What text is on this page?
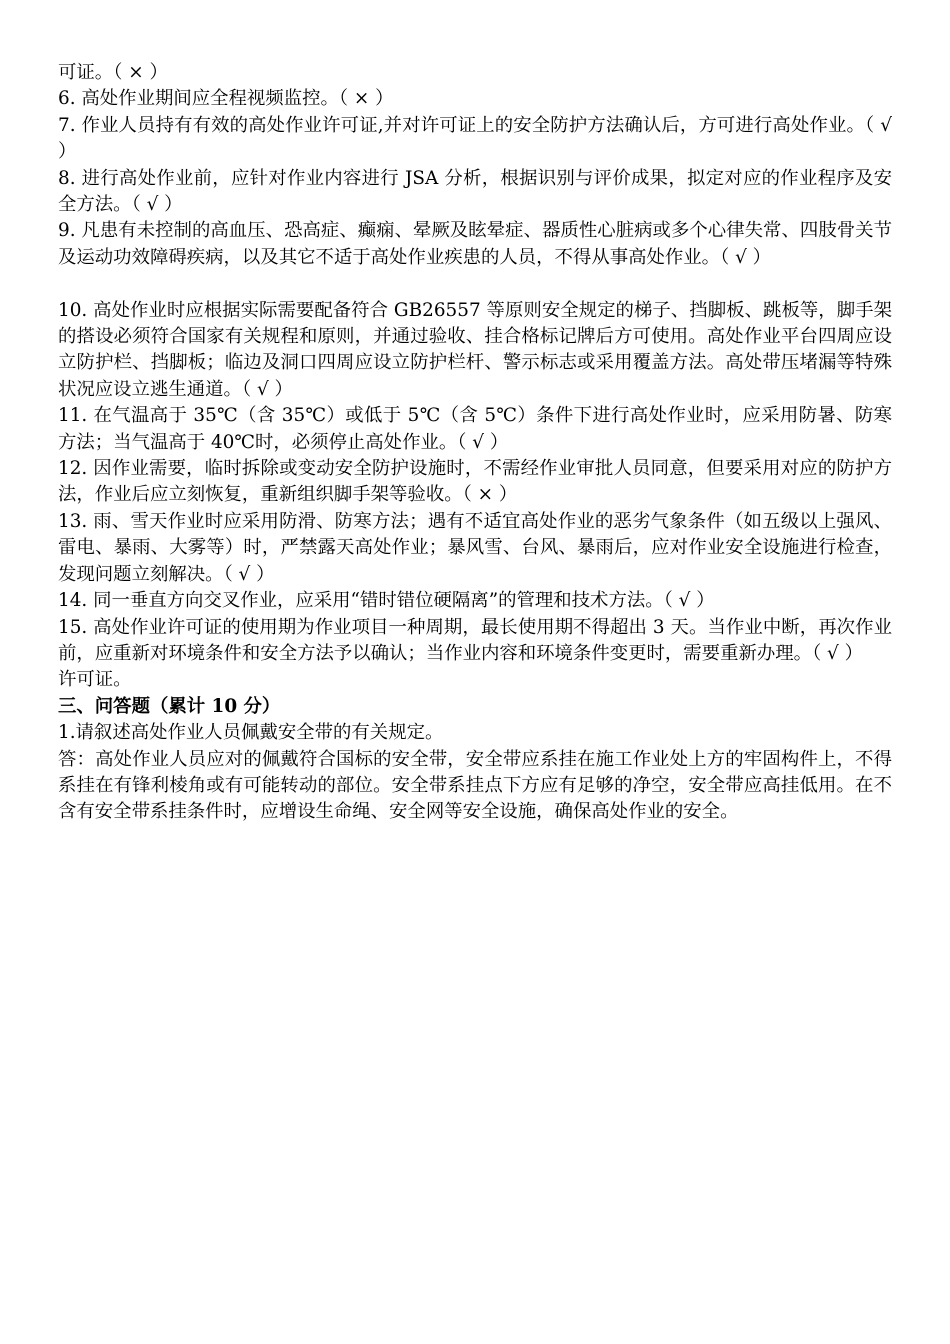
可证。（ × ）

6. 高处作业期间应全程视频监控。（ × ）

7. 作业人员持有有效的高处作业许可证,并对许可证上的安全防护方法确认后，方可进行高处作业。（ √ ）

8. 进行高处作业前，应针对作业内容进行 JSA 分析，根据识别与评价成果，拟定对应的作业程序及安全方法。（ √ ）

9. 凡患有未控制的高血压、恐高症、癫痫、晕厥及眩晕症、器质性心脏病或多个心律失常、四肢骨关节及运动功效障碍疾病，以及其它不适于高处作业疾患的人员，不得从事高处作业。（ √ ）

10. 高处作业时应根据实际需要配备符合 GB26557 等原则安全规定的梯子、挡脚板、跳板等，脚手架的搭设必须符合国家有关规程和原则，并通过验收、挂合格标记牌后方可使用。高处作业平台四周应设立防护栏、挡脚板；临边及洞口四周应设立防护栏杆、警示标志或采用覆盖方法。高处带压堵漏等特殊状况应设立逃生通道。（ √ ）

11. 在气温高于 35℃（含 35℃）或低于 5℃（含 5℃）条件下进行高处作业时，应采用防暑、防寒方法；当气温高于 40℃时，必须停止高处作业。（ √ ）

12. 因作业需要，临时拆除或变动安全防护设施时，不需经作业审批人员同意，但要采用对应的防护方法，作业后应立刻恢复，重新组织脚手架等验收。（ × ）

13. 雨、雪天作业时应采用防滑、防寒方法；遇有不适宜高处作业的恶劣气象条件（如五级以上强风、雷电、暴雨、大雾等）时，严禁露天高处作业；暴风雪、台风、暴雨后，应对作业安全设施进行检查，发现问题立刻解决。（ √ ）

14. 同一垂直方向交叉作业，应采用“错时错位硬隔离”的管理和技术方法。（ √ ）

15. 高处作业许可证的使用期为作业项目一种周期，最长使用期不得超出 3 天。当作业中断，再次作业前，应重新对环境条件和安全方法予以确认；当作业内容和环境条件变更时，需要重新办理。（ √ ）

许可证。

三、问答题（累计 10 分）

1.请叙述高处作业人员佩戴安全带的有关规定。

答：高处作业人员应对的佩戴符合国标的安全带，安全带应系挂在施工作业处上方的牢固构件上，不得系挂在有锋利棱角或有可能转动的部位。安全带系挂点下方应有足够的净空，安全带应高挂低用。在不含有安全带系挂条件时，应增设生命绳、安全网等安全设施，确保高处作业的安全。
